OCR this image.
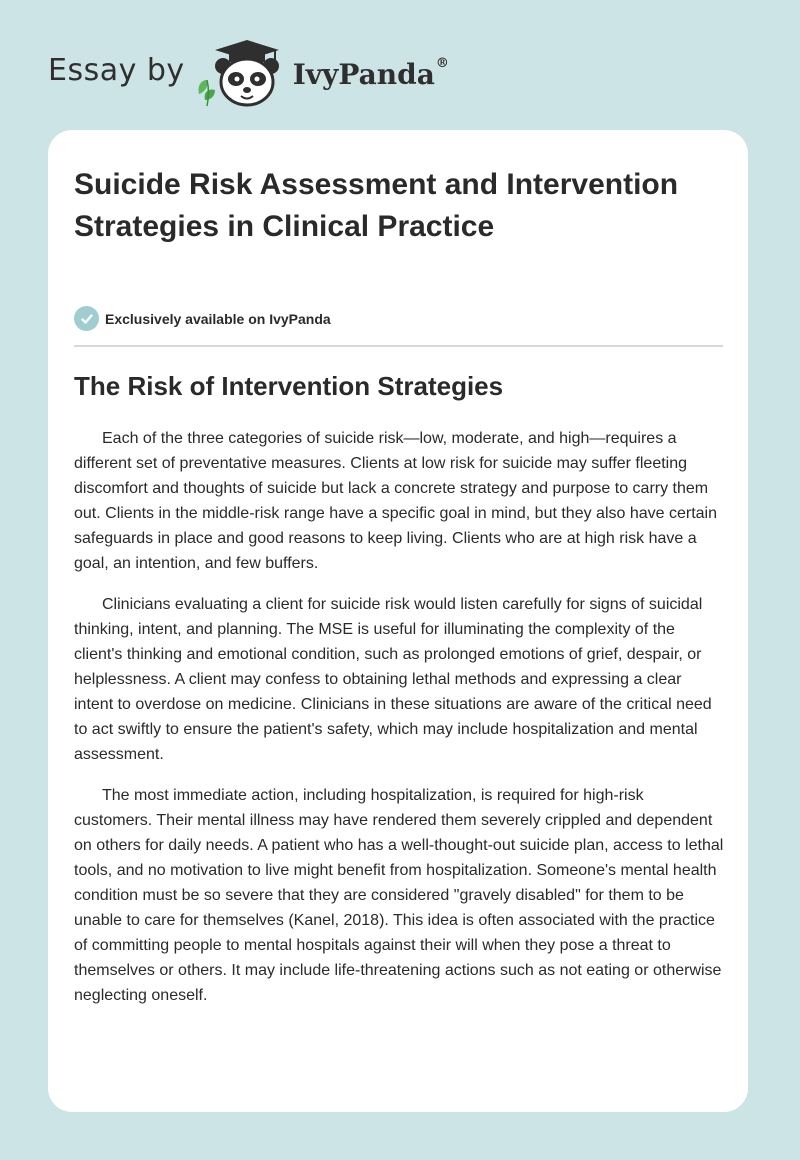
Essay by	IvyPanda®
Suicide Risk Assessment and Intervention Strategies in Clinical Practice
Exclusively available on IvyPanda
The Risk of Intervention Strategies

Each of the three categories of suicide risk—low, moderate, and high—requires a different set of preventative measures. Clients at low risk for suicide may suffer fleeting discomfort and thoughts of suicide but lack a concrete strategy and purpose to carry them out. Clients in the middle-risk range have a specific goal in mind, but they also have certain safeguards in place and good reasons to keep living. Clients who are at high risk have a goal, an intention, and few buffers.

Clinicians evaluating a client for suicide risk would listen carefully for signs of suicidal thinking, intent, and planning. The MSE is useful for illuminating the complexity of the client's thinking and emotional condition, such as prolonged emotions of grief, despair, or helplessness. A client may confess to obtaining lethal methods and expressing a clear intent to overdose on medicine. Clinicians in these situations are aware of the critical need to act swiftly to ensure the patient's safety, which may include hospitalization and mental assessment.

The most immediate action, including hospitalization, is required for high-risk customers. Their mental illness may have rendered them severely crippled and dependent on others for daily needs. A patient who has a well-thought-out suicide plan, access to lethal tools, and no motivation to live might benefit from hospitalization. Someone's mental health condition must be so severe that they are considered "gravely disabled" for them to be unable to care for themselves (Kanel, 2018). This idea is often associated with the practice of committing people to mental hospitals against their will when they pose a threat to themselves or others. It may include life-threatening actions such as not eating or otherwise neglecting oneself.
